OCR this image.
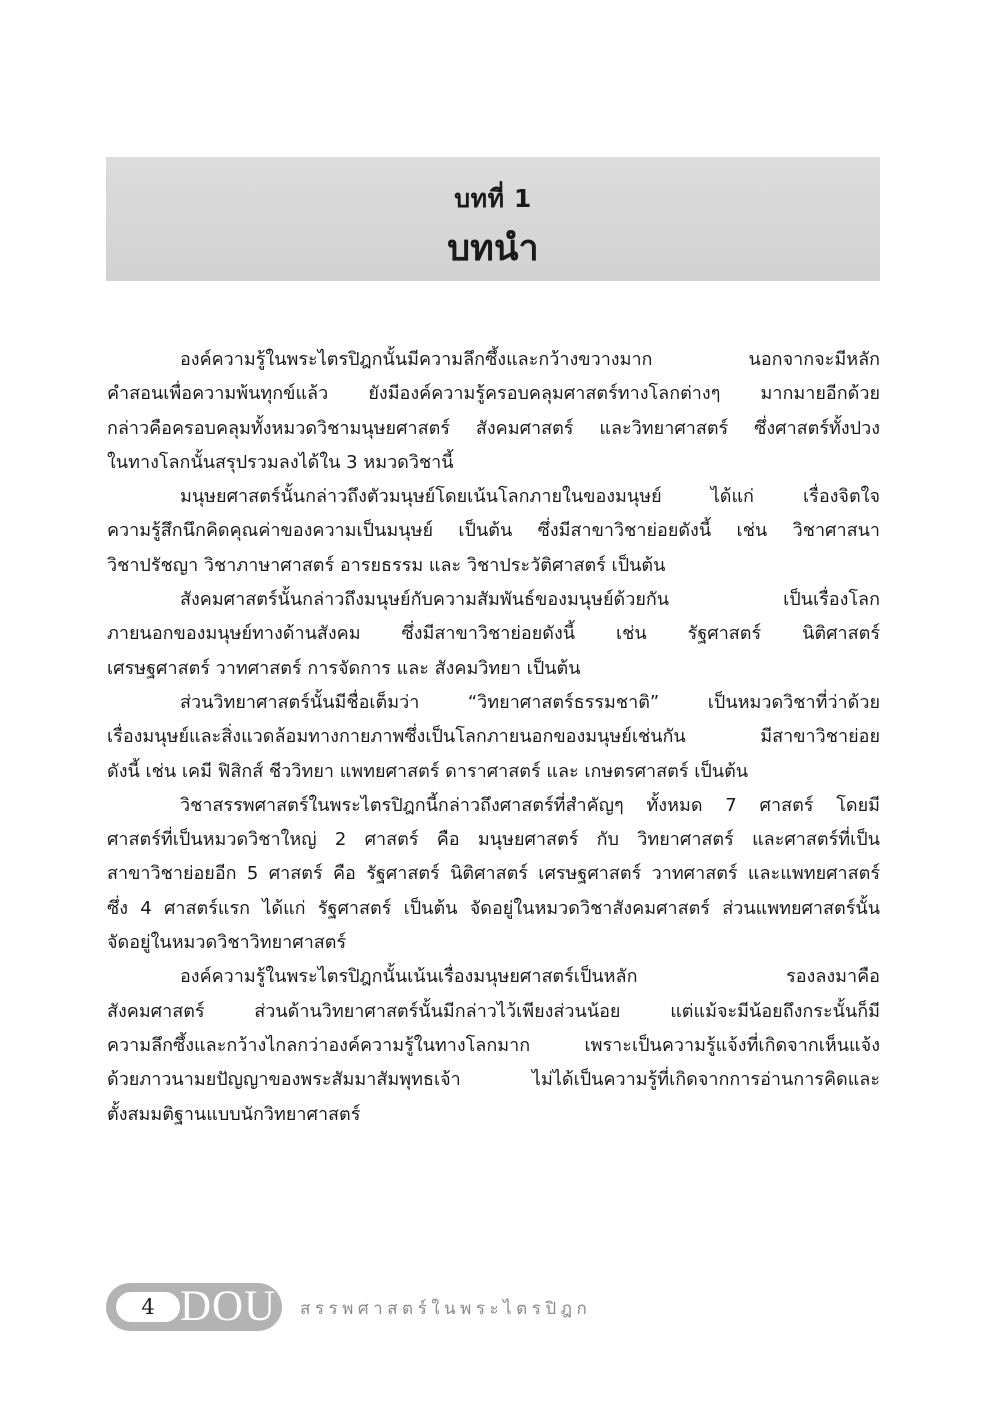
บทที่ 1
บทนำ

องค์ความรู้ในพระไตรปิฎกนั้นมีความลึกซึ้งและกว้างขวางมาก นอกจากจะมีหลัก
คำสอนเพื่อความพ้นทุกข์แล้ว ยังมีองค์ความรู้ครอบคลุมศาสตร์ทางโลกต่างๆ มากมายอีกด้วย
กล่าวคือครอบคลุมทั้งหมวดวิชามนุษยศาสตร์ สังคมศาสตร์ และวิทยาศาสตร์ ซึ่งศาสตร์ทั้งปวง
ในทางโลกนั้นสรุปรวมลงได้ใน 3 หมวดวิชานี้

มนุษยศาสตร์นั้นกล่าวถึงตัวมนุษย์โดยเน้นโลกภายในของมนุษย์ ได้แก่ เรื่องจิตใจ
ความรู้สึกนึกคิดคุณค่าของความเป็นมนุษย์ เป็นต้น ซึ่งมีสาขาวิชาย่อยดังนี้ เช่น วิชาศาสนา
วิชาปรัชญา วิชาภาษาศาสตร์ อารยธรรม และ วิชาประวัติศาสตร์ เป็นต้น

สังคมศาสตร์นั้นกล่าวถึงมนุษย์กับความสัมพันธ์ของมนุษย์ด้วยกัน เป็นเรื่องโลก
ภายนอกของมนุษย์ทางด้านสังคม ซึ่งมีสาขาวิชาย่อยดังนี้ เช่น รัฐศาสตร์ นิติศาสตร์
เศรษฐศาสตร์ วาทศาสตร์ การจัดการ และ สังคมวิทยา เป็นต้น

ส่วนวิทยาศาสตร์นั้นมีชื่อเต็มว่า “วิทยาศาสตร์ธรรมชาติ” เป็นหมวดวิชาที่ว่าด้วย
เรื่องมนุษย์และสิ่งแวดล้อมทางกายภาพซึ่งเป็นโลกภายนอกของมนุษย์เช่นกัน มีสาขาวิชาย่อย
ดังนี้ เช่น เคมี ฟิสิกส์ ชีววิทยา แพทยศาสตร์ ดาราศาสตร์ และ เกษตรศาสตร์ เป็นต้น

วิชาสรรพศาสตร์ในพระไตรปิฎกนี้กล่าวถึงศาสตร์ที่สำคัญๆ ทั้งหมด 7 ศาสตร์ โดยมี
ศาสตร์ที่เป็นหมวดวิชาใหญ่ 2 ศาสตร์ คือ มนุษยศาสตร์ กับ วิทยาศาสตร์ และศาสตร์ที่เป็น
สาขาวิชาย่อยอีก 5 ศาสตร์ คือ รัฐศาสตร์ นิติศาสตร์ เศรษฐศาสตร์ วาทศาสตร์ และแพทยศาสตร์
ซึ่ง 4 ศาสตร์แรก ได้แก่ รัฐศาสตร์ เป็นต้น จัดอยู่ในหมวดวิชาสังคมศาสตร์ ส่วนแพทยศาสตร์นั้น
จัดอยู่ในหมวดวิชาวิทยาศาสตร์

องค์ความรู้ในพระไตรปิฎกนั้นเน้นเรื่องมนุษยศาสตร์เป็นหลัก รองลงมาคือ
สังคมศาสตร์ ส่วนด้านวิทยาศาสตร์นั้นมีกล่าวไว้เพียงส่วนน้อย แต่แม้จะมีน้อยถึงกระนั้นก็มี
ความลึกซึ้งและกว้างไกลกว่าองค์ความรู้ในทางโลกมาก เพราะเป็นความรู้แจ้งที่เกิดจากเห็นแจ้ง
ด้วยภาวนามยปัญญาของพระสัมมาสัมพุทธเจ้า ไม่ได้เป็นความรู้ที่เกิดจากการอ่านการคิดและ
ตั้งสมมติฐานแบบนักวิทยาศาสตร์

4 DOU สรรพศาสตร์ในพระไตรปิฎก
